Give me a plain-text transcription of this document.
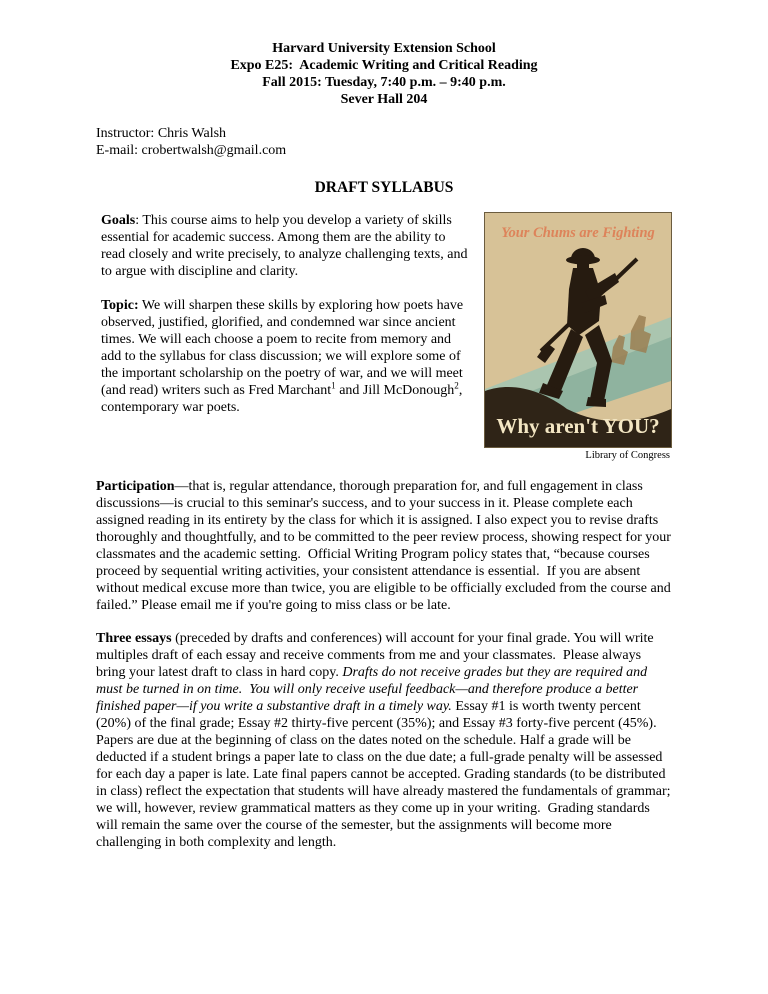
Harvard University Extension School
Expo E25:  Academic Writing and Critical Reading
Fall 2015: Tuesday, 7:40 p.m. – 9:40 p.m.
Sever Hall 204
Instructor: Chris Walsh
E-mail: crobertwalsh@gmail.com
DRAFT SYLLABUS
Goals: This course aims to help you develop a variety of skills essential for academic success. Among them are the ability to read closely and write precisely, to analyze challenging texts, and to argue with discipline and clarity.
Topic: We will sharpen these skills by exploring how poets have observed, justified, glorified, and condemned war since ancient times. We will each choose a poem to recite from memory and add to the syllabus for class discussion; we will explore some of the important scholarship on the poetry of war, and we will meet (and read) writers such as Fred Marchant$^1$ and Jill McDonough$^2$, contemporary war poets.
Your Chums are Fighting
Why aren't YOU?
Library of Congress
Participation—that is, regular attendance, thorough preparation for, and full engagement in class discussions—is crucial to this seminar's success, and to your success in it. Please complete each assigned reading in its entirety by the class for which it is assigned. I also expect you to revise drafts thoroughly and thoughtfully, and to be committed to the peer review process, showing respect for your classmates and the academic setting.  Official Writing Program policy states that, “because courses proceed by sequential writing activities, your consistent attendance is essential.  If you are absent without medical excuse more than twice, you are eligible to be officially excluded from the course and failed.” Please email me if you're going to miss class or be late.
Three essays (preceded by drafts and conferences) will account for your final grade. You will write multiples draft of each essay and receive comments from me and your classmates.  Please always bring your latest draft to class in hard copy. Drafts do not receive grades but they are required and must be turned in on time.  You will only receive useful feedback—and therefore produce a better finished paper—if you write a substantive draft in a timely way. Essay #1 is worth twenty percent (20%) of the final grade; Essay #2 thirty-five percent (35%); and Essay #3 forty-five percent (45%). Papers are due at the beginning of class on the dates noted on the schedule. Half a grade will be deducted if a student brings a paper late to class on the due date; a full-grade penalty will be assessed for each day a paper is late. Late final papers cannot be accepted. Grading standards (to be distributed in class) reflect the expectation that students will have already mastered the fundamentals of grammar; we will, however, review grammatical matters as they come up in your writing.  Grading standards will remain the same over the course of the semester, but the assignments will become more challenging in both complexity and length.
